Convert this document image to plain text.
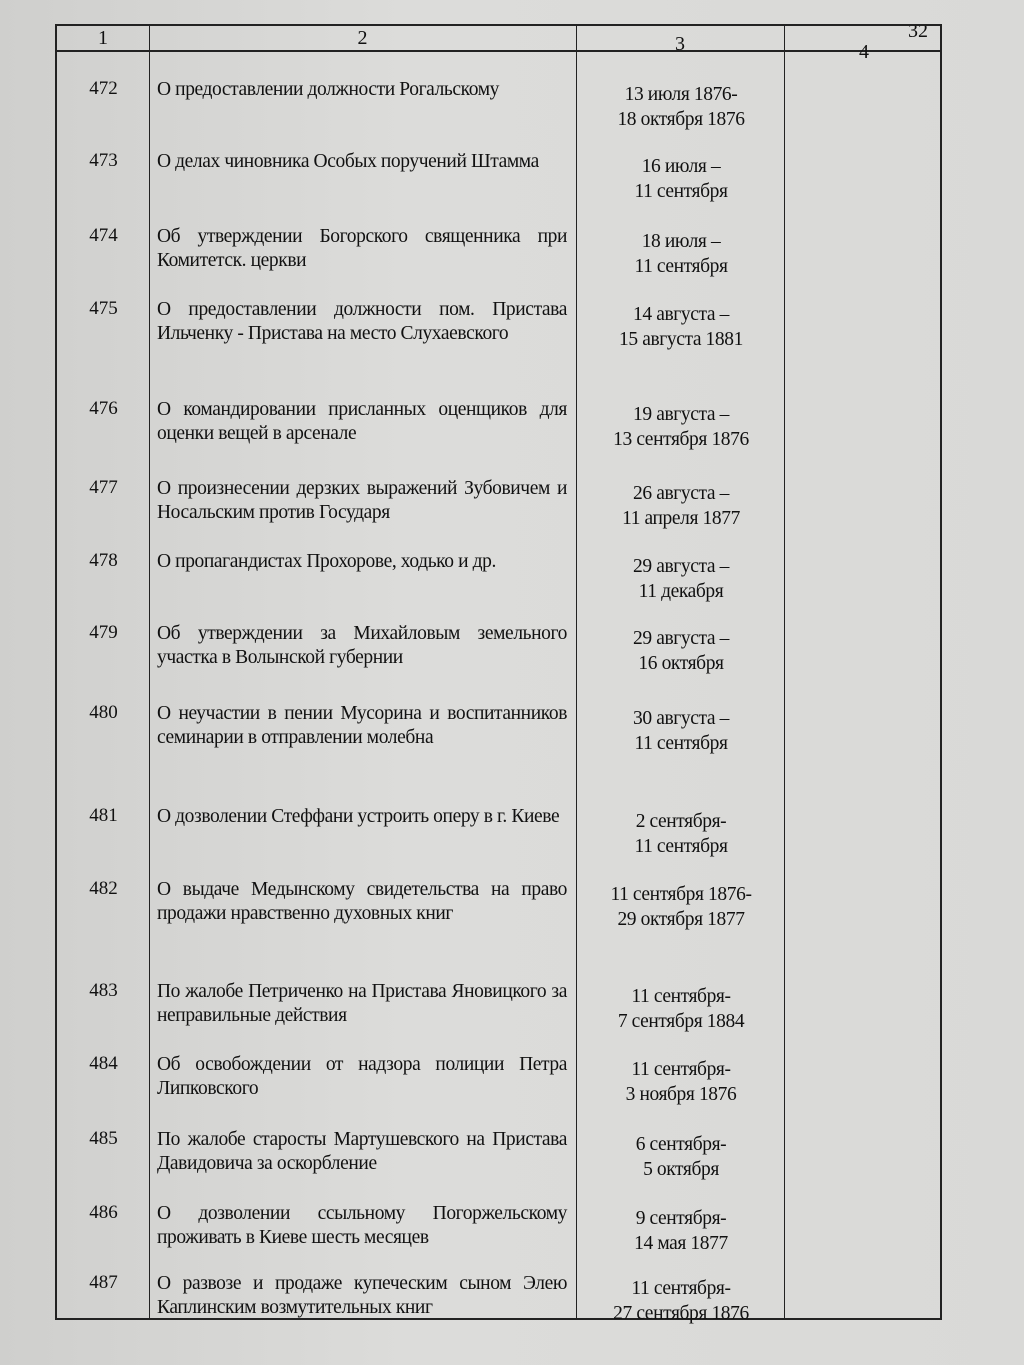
32
1	2	3	4
472	О предоставлении должности Рогальскому	13 июля 1876-
18 октября 1876
473	О делах чиновника Особых поручений Штамма	16 июля –
11 сентября
474	Об утверждении Богорского священника при Комитетск. церкви
18 июля –
11 сентября
475	О предоставлении должности пом. Пристава Ильченку - Пристава на место Слухаевского
14 августа –
15 августа 1881
476	О командировании присланных оценщиков для оценки вещей в арсенале
19 августа –
13 сентября 1876
477	О произнесении дерзких выражений Зубовичем и Носальским против Государя
26 августа –
11 апреля 1877
478	О пропагандистах Прохорове, ходько и др.	29 августа –
11 декабря
479	Об утверждении за Михайловым земельного участка в Волынской губернии
29 августа –
16 октября
480	О неучастии в пении Мусорина и воспитанников семинарии в отправлении молебна
30 августа –
11 сентября
481	О дозволении Стеффани устроить оперу в г. Киеве	2 сентября-
11 сентября
482	О выдаче Медынскому свидетельства на право продажи нравственно духовных книг
11 сентября 1876-
29 октября 1877
483	По жалобе Петриченко на Пристава Яновицкого за неправильные действия
11 сентября-
7 сентября 1884
484	Об освобождении от надзора полиции Петра Липковского
11 сентября-
3 ноября 1876
485	По жалобе старосты Мартушевского на Пристава Давидовича за оскорбление
6 сентября-
5 октября
486	О дозволении ссыльному Погоржельскому проживать в Киеве шесть месяцев
9 сентября-
14 мая 1877
487	О развозе и продаже купеческим сыном Элею Каплинским возмутительных книг
11 сентября-
27 сентября 1876
